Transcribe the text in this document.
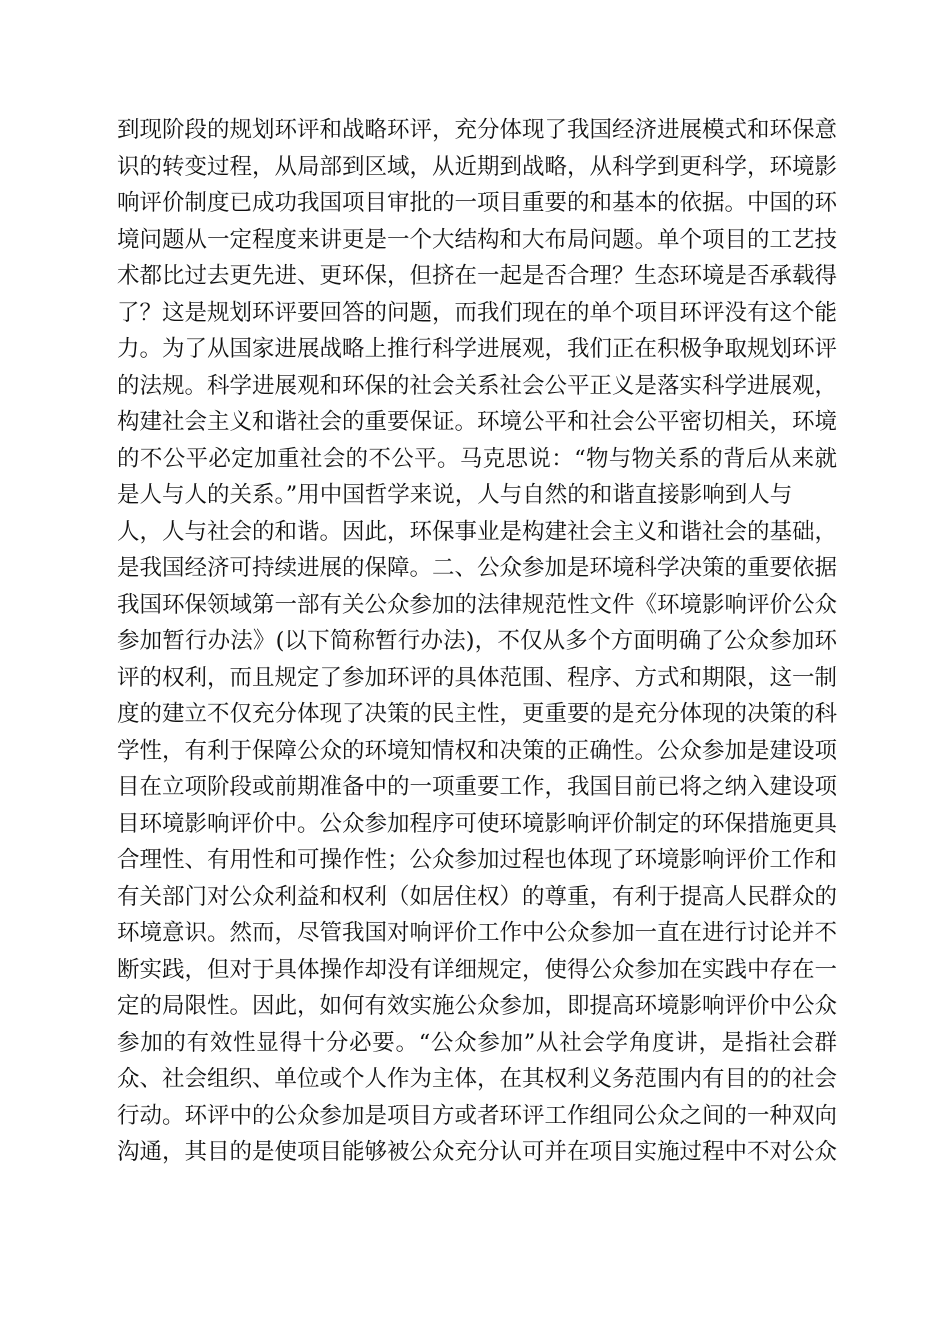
到现阶段的规划环评和战略环评，充分体现了我国经济进展模式和环保意
识的转变过程，从局部到区域，从近期到战略，从科学到更科学，环境影
响评价制度已成功我国项目审批的一项目重要的和基本的依据。中国的环
境问题从一定程度来讲更是一个大结构和大布局问题。单个项目的工艺技
术都比过去更先进、更环保，但挤在一起是否合理？生态环境是否承载得
了？这是规划环评要回答的问题，而我们现在的单个项目环评没有这个能
力。为了从国家进展战略上推行科学进展观，我们正在积极争取规划环评
的法规。科学进展观和环保的社会关系社会公平正义是落实科学进展观，
构建社会主义和谐社会的重要保证。环境公平和社会公平密切相关，环境
的不公平必定加重社会的不公平。马克思说：“物与物关系的背后从来就
是人与人的关系。”用中国哲学来说，人与自然的和谐直接影响到人与
人，人与社会的和谐。因此，环保事业是构建社会主义和谐社会的基础，
是我国经济可持续进展的保障。二、公众参加是环境科学决策的重要依据
我国环保领域第一部有关公众参加的法律规范性文件《环境影响评价公众
参加暂行办法》(以下简称暂行办法)，不仅从多个方面明确了公众参加环
评的权利，而且规定了参加环评的具体范围、程序、方式和期限，这一制
度的建立不仅充分体现了决策的民主性，更重要的是充分体现的决策的科
学性，有利于保障公众的环境知情权和决策的正确性。公众参加是建设项
目在立项阶段或前期准备中的一项重要工作，我国目前已将之纳入建设项
目环境影响评价中。公众参加程序可使环境影响评价制定的环保措施更具
合理性、有用性和可操作性；公众参加过程也体现了环境影响评价工作和
有关部门对公众利益和权利（如居住权）的尊重，有利于提高人民群众的
环境意识。然而，尽管我国对响评价工作中公众参加一直在进行讨论并不
断实践，但对于具体操作却没有详细规定，使得公众参加在实践中存在一
定的局限性。因此，如何有效实施公众参加，即提高环境影响评价中公众
参加的有效性显得十分必要。“公众参加”从社会学角度讲，是指社会群
众、社会组织、单位或个人作为主体，在其权利义务范围内有目的的社会
行动。环评中的公众参加是项目方或者环评工作组同公众之间的一种双向
沟通，其目的是使项目能够被公众充分认可并在项目实施过程中不对公众
